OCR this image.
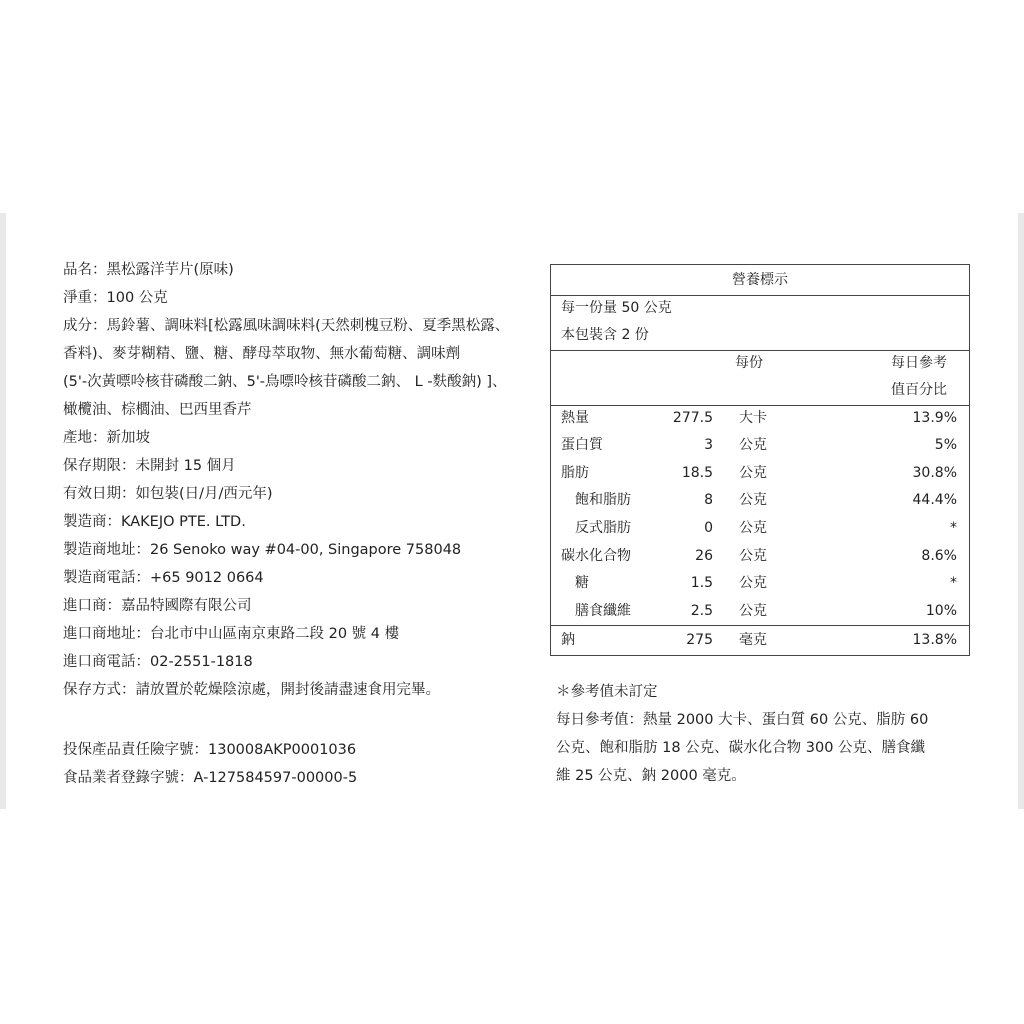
品名：黑松露洋芋片(原味)
淨重：100 公克
成分：馬鈴薯、調味料[松露風味調味料(天然刺槐豆粉、夏季黑松露、
香料)、麥芽糊精、鹽、糖、酵母萃取物、無水葡萄糖、調味劑
(5'-次黃嘌呤核苷磷酸二鈉、5'-鳥嘌呤核苷磷酸二鈉、 L -麩酸鈉) ]、
橄欖油、棕櫚油、巴西里香芹
產地：新加坡
保存期限：未開封 15 個月
有效日期：如包裝(日/月/西元年)
製造商：KAKEJO PTE. LTD.
製造商地址：26 Senoko way #04-00, Singapore 758048
製造商電話：+65 9012 0664
進口商：嘉品特國際有限公司
進口商地址：台北市中山區南京東路二段 20 號 4 樓
進口商電話：02-2551-1818
保存方式：請放置於乾燥陰涼處，開封後請盡速食用完畢。
投保產品責任險字號：130008AKP0001036
食品業者登錄字號：A-127584597-00000-5
營養標示
每一份量 50 公克
本包裝含 2 份
每份	每日參考
值百分比
熱量	277.5 大卡	13.9%
蛋白質	3 公克	5%
脂肪	18.5 公克	30.8%
飽和脂肪	8 公克	44.4%
反式脂肪	0 公克	*
碳水化合物	26 公克	8.6%
糖	1.5 公克	*
膳食纖維	2.5 公克	10%
鈉	275 毫克	13.8%
＊參考值未訂定
每日參考值：熱量 2000 大卡、蛋白質 60 公克、脂肪 60
公克、飽和脂肪 18 公克、碳水化合物 300 公克、膳食纖
維 25 公克、鈉 2000 毫克。
